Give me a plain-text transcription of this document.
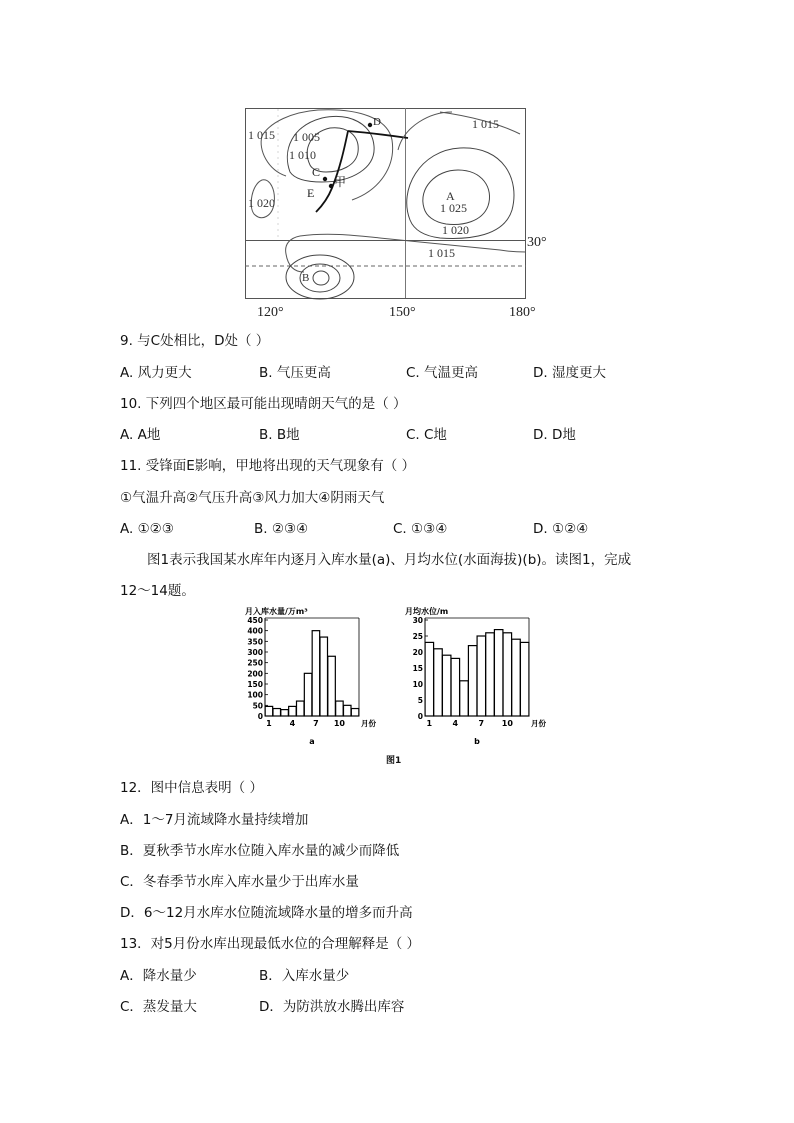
1 015 1 005
1 010
1 020
1 015
1 025
1 020
1 015
D
C
E
甲
A
B
30°
120°	150°	180°
9. 与C处相比，D处（ ）
A. 风力更大	B. 气压更高	C. 气温更高	D. 湿度更大
10. 下列四个地区最可能出现晴朗天气的是（ ）
A. A地	B. B地	C. C地	D. D地
11. 受锋面E影响，甲地将出现的天气现象有（ ）
①气温升高②气压升高③风力加大④阴雨天气
A. ①②③	B. ②③④	C. ①③④	D. ①②④
图1表示我国某水库年内逐月入库水量(a)、月均水位(水面海拔)(b)。读图1，完成
12～14题。
月入库水量/万m³
0
50
100
150
200
250
300
350
400
450
1 4 7 10 月份
a
月均水位/m
0
5
10
15
20
25
30
1	4	7 10 月份
b
图1
12．图中信息表明（ ）
A．1～7月流域降水量持续增加
B．夏秋季节水库水位随入库水量的减少而降低
C．冬春季节水库入库水量少于出库水量
D．6～12月水库水位随流域降水量的增多而升高
13．对5月份水库出现最低水位的合理解释是（ ）
A．降水量少	B．入库水量少
C．蒸发量大	D．为防洪放水腾出库容
